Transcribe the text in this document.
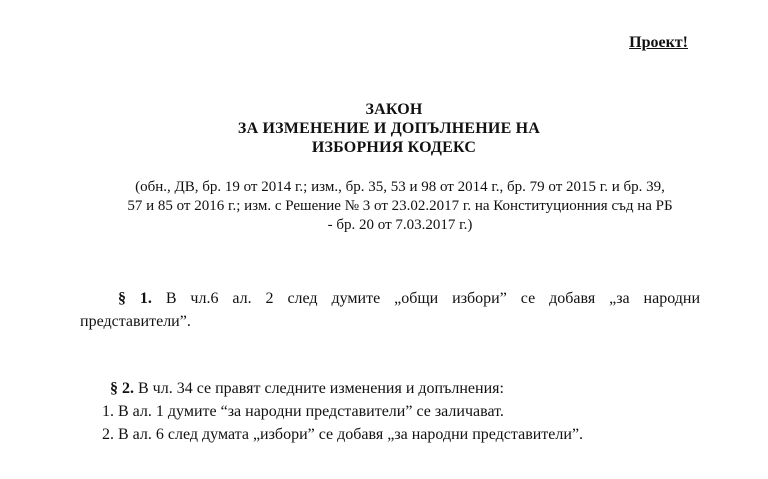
Проект!
ЗАКОН
ЗА ИЗМЕНЕНИЕ И ДОПЪЛНЕНИЕ НА
ИЗБОРНИЯ КОДЕКС
(обн., ДВ, бр. 19 от 2014 г.; изм., бр. 35, 53 и 98 от 2014 г., бр. 79 от 2015 г. и бр. 39,
57 и 85 от 2016 г.; изм. с Решение № 3 от 23.02.2017 г. на Конституционния съд на РБ
- бр. 20 от 7.03.2017 г.)
§ 1. В чл.6 ал. 2 след думите „общи избори” се добавя „за народни
представители”.
§ 2. В чл. 34 се правят следните изменения и допълнения:
1. В ал. 1 думите “за народни представители” се заличават.
2. В ал. 6 след думата „избори” се добавя „за народни представители”.
